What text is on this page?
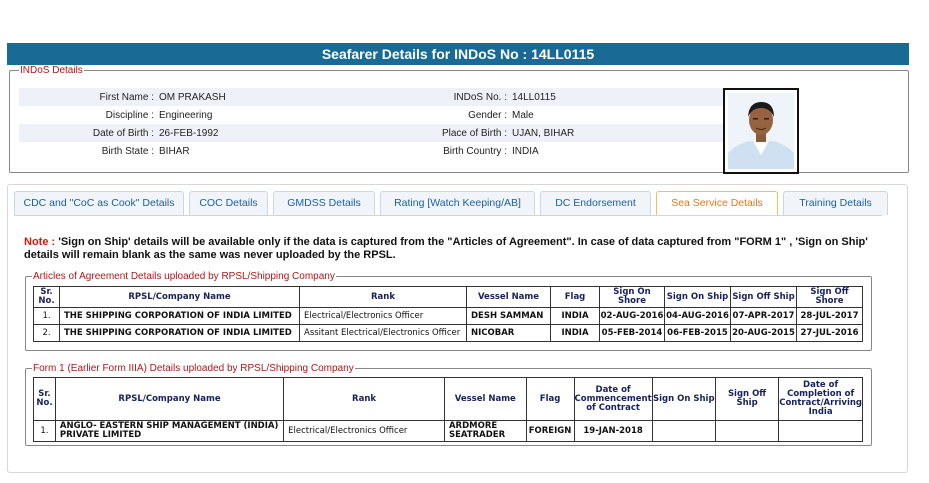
Seafarer Details for INDoS No : 14LL0115
INDoS Details
First Name :	OM PRAKASH	INDoS No. :	14LL0115
Discipline :	Engineering	Gender :	Male
Date of Birth :	26-FEB-1992	Place of Birth :	UJAN, BIHAR
Birth State :	BIHAR	Birth Country :	INDIA
CDC and "CoC as Cook" Details	COC Details	GMDSS Details	Rating [Watch Keeping/AB]	DC Endorsement	Sea Service Details	Training Details
Note : 'Sign on Ship' details will be available only if the data is captured from the "Articles of Agreement". In case of data captured from "FORM 1" , 'Sign on Ship' details will remain blank as the same was never uploaded by the RPSL.
Articles of Agreement Details uploaded by RPSL/Shipping Company
Sr. No.	RPSL/Company Name	Rank	Vessel Name	Flag	Sign On Shore	Sign On Ship	Sign Off Ship	Sign Off Shore
1.	THE SHIPPING CORPORATION OF INDIA LIMITED	Electrical/Electronics Officer	DESH SAMMAN	INDIA	02-AUG-2016	04-AUG-2016	07-APR-2017	28-JUL-2017
2.	THE SHIPPING CORPORATION OF INDIA LIMITED	Assitant Electrical/Electronics Officer	NICOBAR	INDIA	05-FEB-2014	06-FEB-2015	20-AUG-2015	27-JUL-2016
Form 1 (Earlier Form IIIA) Details uploaded by RPSL/Shipping Company
Sr. No.	RPSL/Company Name	Rank	Vessel Name	Flag	Date of Commencement of Contract	Sign On Ship	Sign Off Ship	Date of Completion of Contract/Arriving India
1.	ANGLO- EASTERN SHIP MANAGEMENT (INDIA) PRIVATE LIMITED	Electrical/Electronics Officer	ARDMORE SEATRADER	FOREIGN	19-JAN-2018			
